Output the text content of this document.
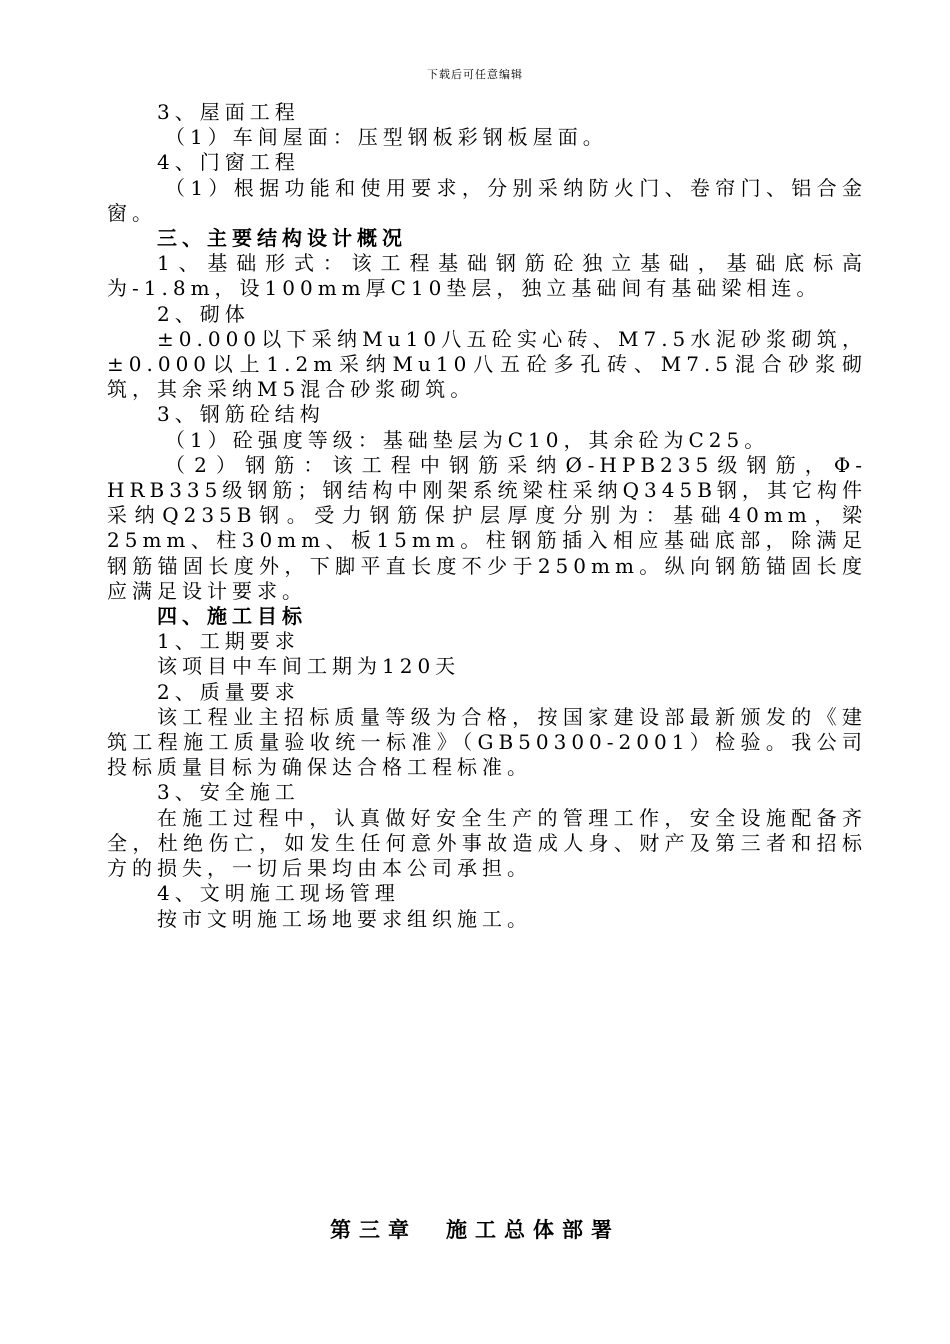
下载后可任意编辑

3、屋面工程

（1）车间屋面：压型钢板彩钢板屋面。

4、门窗工程

（1）根据功能和使用要求，分别采纳防火门、卷帘门、铝合金窗。

三、主要结构设计概况

1、基础形式：该工程基础钢筋砼独立基础，基础底标高为-1.8m，设100mm厚C10垫层，独立基础间有基础梁相连。

2、砌体

±0.000以下采纳Mu10八五砼实心砖、M7.5水泥砂浆砌筑，±0.000以上1.2m采纳Mu10八五砼多孔砖、M7.5混合砂浆砌筑，其余采纳M5混合砂浆砌筑。

3、钢筋砼结构

（1）砼强度等级：基础垫层为C10，其余砼为C25。

（2）钢筋：该工程中钢筋采纳Ø-HPB235级钢筋，Φ-HRB335级钢筋；钢结构中刚架系统梁柱采纳Q345B钢，其它构件采纳Q235B钢。受力钢筋保护层厚度分别为：基础40mm，梁25mm、柱30mm、板15mm。柱钢筋插入相应基础底部，除满足钢筋锚固长度外，下脚平直长度不少于250mm。纵向钢筋锚固长度应满足设计要求。

四、施工目标

1、工期要求

该项目中车间工期为120天

2、质量要求

该工程业主招标质量等级为合格，按国家建设部最新颁发的《建筑工程施工质量验收统一标准》（GB50300-2001）检验。我公司投标质量目标为确保达合格工程标准。

3、安全施工

在施工过程中，认真做好安全生产的管理工作，安全设施配备齐全，杜绝伤亡，如发生任何意外事故造成人身、财产及第三者和招标方的损失，一切后果均由本公司承担。

4、文明施工现场管理

按市文明施工场地要求组织施工。

第三章　施工总体部署
